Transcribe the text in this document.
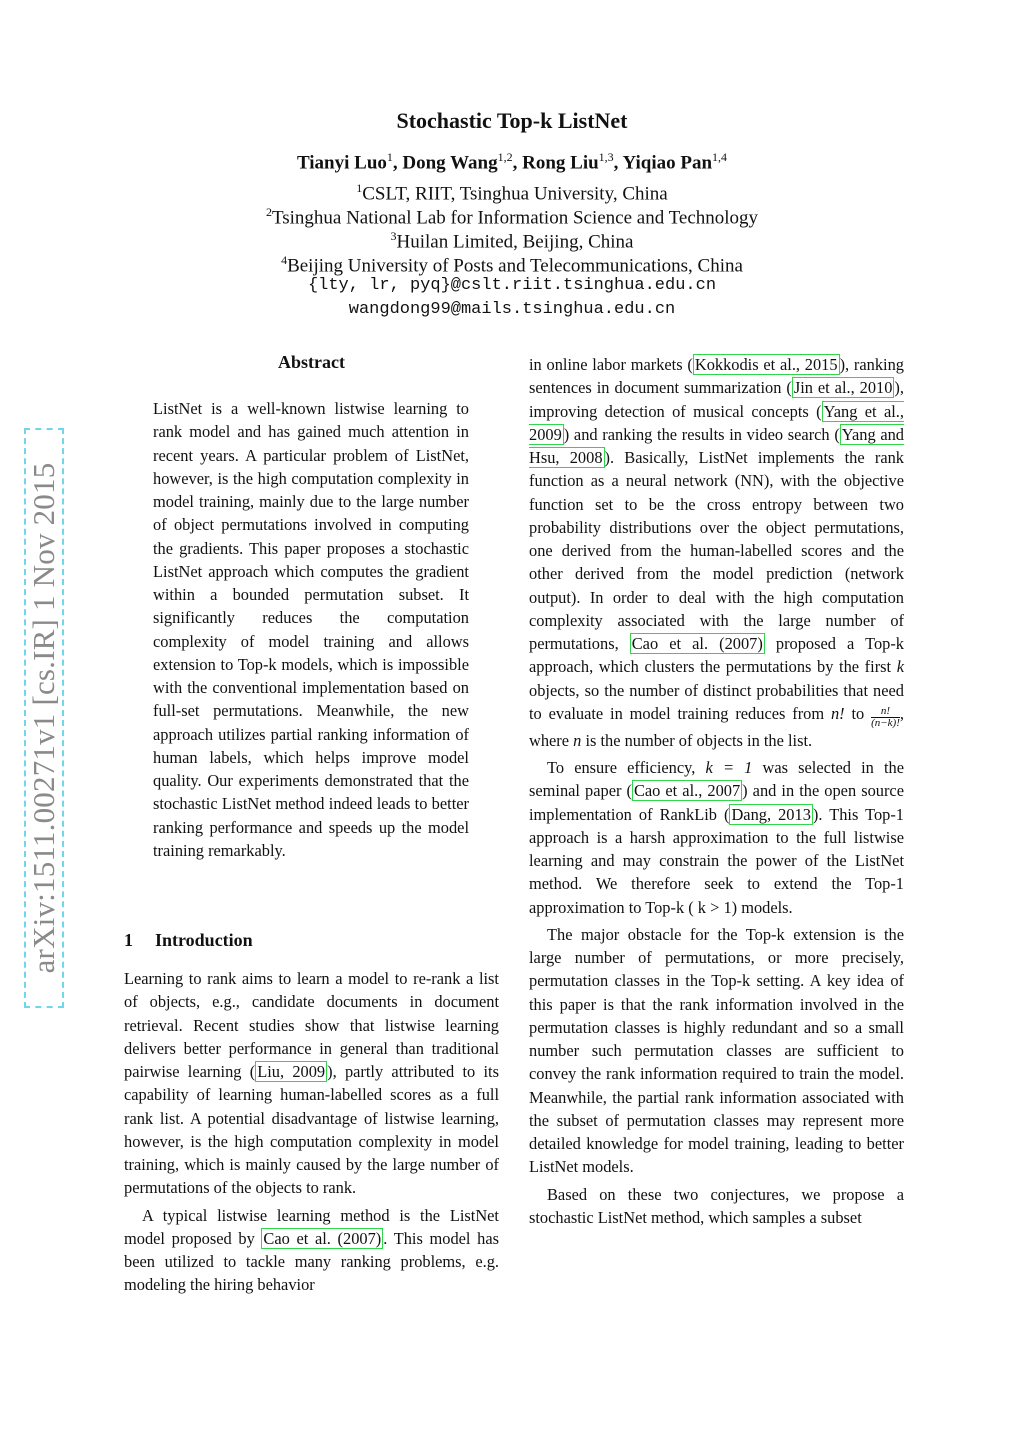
arXiv:1511.00271v1 [cs.IR] 1 Nov 2015
Stochastic Top-k ListNet
Tianyi Luo$^1$, Dong Wang$^{1,2}$, Rong Liu$^{1,3}$, Yiqiao Pan$^{1,4}$
$^1$CSLT, RIIT, Tsinghua University, China
$^2$Tsinghua National Lab for Information Science and Technology
$^3$Huilan Limited, Beijing, China
$^4$Beijing University of Posts and Telecommunications, China
{lty, lr, pyq}@cslt.riit.tsinghua.edu.cn
wangdong99@mails.tsinghua.edu.cn
Abstract
ListNet is a well-known listwise learning to rank model and has gained much attention in recent years. A particular problem of ListNet, however, is the high computation complexity in model training, mainly due to the large number of object permutations involved in computing the gradients. This paper proposes a stochastic ListNet approach which computes the gradient within a bounded permutation subset. It significantly reduces the computation complexity of model training and allows extension to Top-k models, which is impossible with the conventional implementation based on full-set permutations. Meanwhile, the new approach utilizes partial ranking information of human labels, which helps improve model quality. Our experiments demonstrated that the stochastic ListNet method indeed leads to better ranking performance and speeds up the model training remarkably.
1 Introduction

Learning to rank aims to learn a model to re-rank a list of objects, e.g., candidate documents in document retrieval. Recent studies show that listwise learning delivers better performance in general than traditional pairwise learning ( Liu, 2009 ), partly attributed to its capability of learning human-labelled scores as a full rank list. A potential disadvantage of listwise learning, however, is the high computation complexity in model training, which is mainly caused by the large number of permutations of the objects to rank.

A typical listwise learning method is the ListNet model proposed by Cao et al. (2007) . This model has been utilized to tackle many ranking problems, e.g. modeling the hiring behavior

in online labor markets ( Kokkodis et al., 2015 ), ranking sentences in document summarization ( Jin et al., 2010 ), improving detection of musical concepts ( Yang et al., 2009 ) and ranking the results in video search ( Yang and Hsu, 2008 ). Basically, ListNet implements the rank function as a neural network (NN), with the objective function set to be the cross entropy between two probability distributions over the object permutations, one derived from the human-labelled scores and the other derived from the model prediction (network output). In order to deal with the high computation complexity associated with the large number of permutations, Cao et al. (2007) proposed a Top-k approach, which clusters the permutations by the first k objects, so the number of distinct probabilities that need to evaluate in model training reduces from n! to $\frac{n!}{(n-k)!}$ , where n is the number of objects in the list.

To ensure efficiency, k = 1 was selected in the seminal paper ( Cao et al., 2007 ) and in the open source implementation of RankLib ( Dang, 2013 ). This Top-1 approach is a harsh approximation to the full listwise learning and may constrain the power of the ListNet method. We therefore seek to extend the Top-1 approximation to Top-k ( k > 1) models.

The major obstacle for the Top-k extension is the large number of permutations, or more precisely, permutation classes in the Top-k setting. A key idea of this paper is that the rank information involved in the permutation classes is highly redundant and so a small number such permutation classes are sufficient to convey the rank information required to train the model. Meanwhile, the partial rank information associated with the subset of permutation classes may represent more detailed knowledge for model training, leading to better ListNet models.

Based on these two conjectures, we propose a stochastic ListNet method, which samples a subset
